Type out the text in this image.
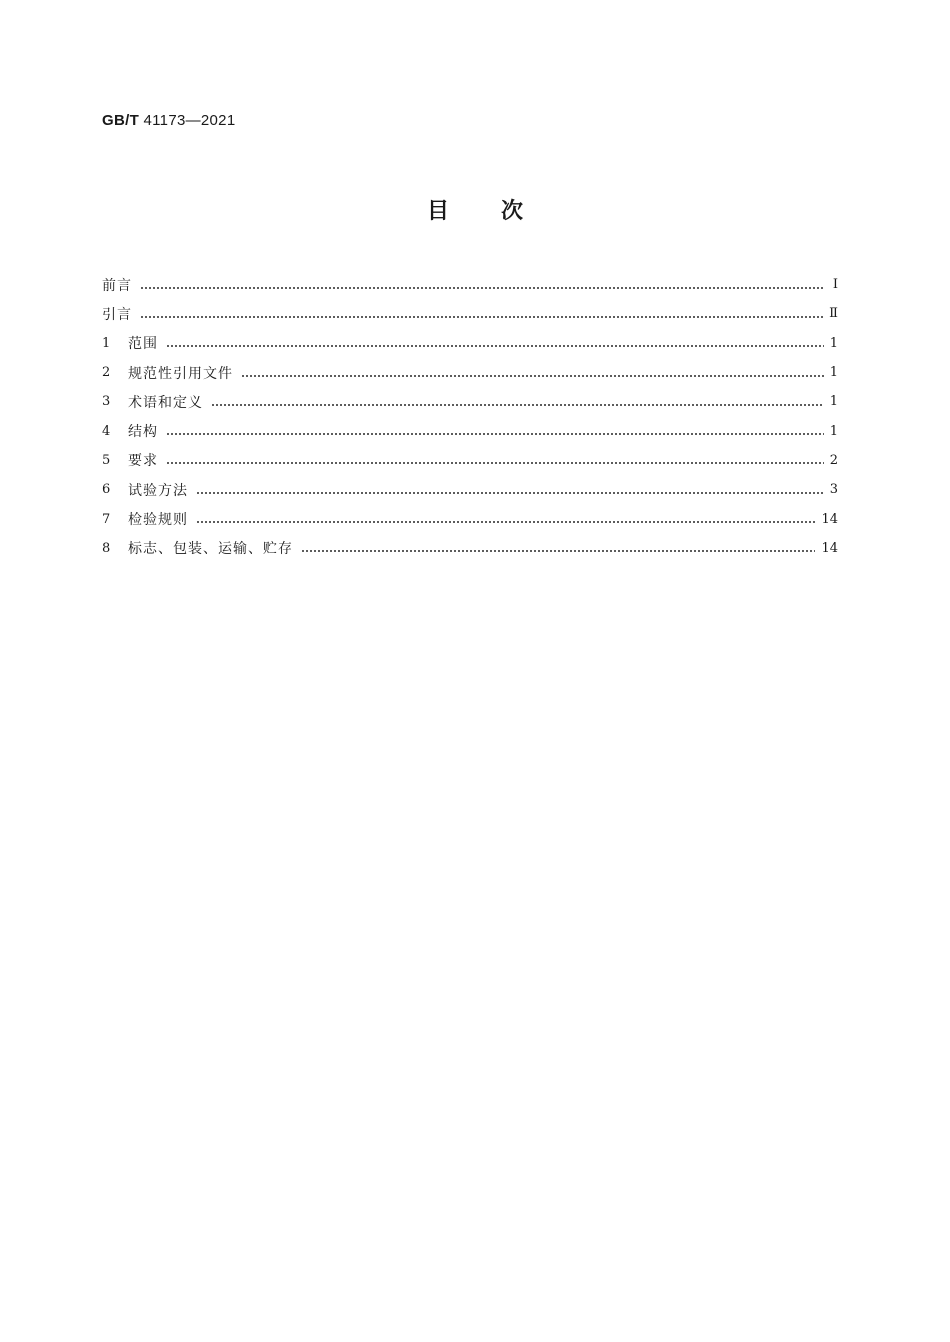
GB/T 41173—2021
目 次
前言	Ⅰ
引言	Ⅱ
1	范围	1
2	规范性引用文件	1
3	术语和定义	1
4	结构	1
5	要求	2
6	试验方法	3
7	检验规则	14
8	标志、包装、运输、贮存	14
